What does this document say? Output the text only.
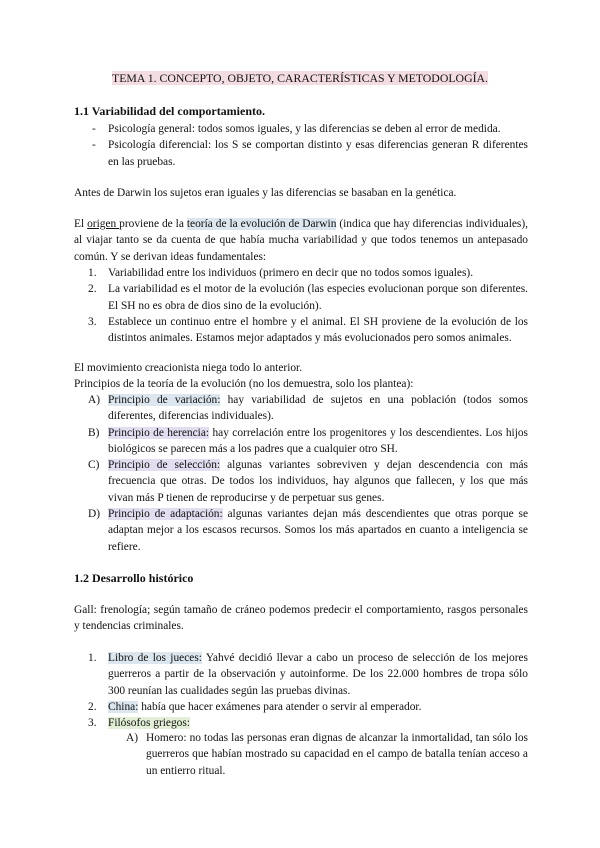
TEMA 1. CONCEPTO, OBJETO, CARACTERÍSTICAS Y METODOLOGÍA.
1.1 Variabilidad del comportamiento.
-	Psicología general: todos somos iguales, y las diferencias se deben al error de medida.
-	Psicología diferencial: los S se comportan distinto y esas diferencias generan R diferentes en las pruebas.

Antes de Darwin los sujetos eran iguales y las diferencias se basaban en la genética.

El origen proviene de la teoría de la evolución de Darwin (indica que hay diferencias individuales), al viajar tanto se da cuenta de que había mucha variabilidad y que todos tenemos un antepasado común. Y se derivan ideas fundamentales:

1.	Variabilidad entre los individuos (primero en decir que no todos somos iguales).
2.	La variabilidad es el motor de la evolución (las especies evolucionan porque son diferentes. El SH no es obra de dios sino de la evolución).
3.	Establece un continuo entre el hombre y el animal. El SH proviene de la evolución de los distintos animales. Estamos mejor adaptados y más evolucionados pero somos animales.

El movimiento creacionista niega todo lo anterior.

Principios de la teoría de la evolución (no los demuestra, solo los plantea):

A) Principio de variación: hay variabilidad de sujetos en una población (todos somos diferentes, diferencias individuales).
B) Principio de herencia: hay correlación entre los progenitores y los descendientes. Los hijos biológicos se parecen más a los padres que a cualquier otro SH.
C) Principio de selección: algunas variantes sobreviven y dejan descendencia con más frecuencia que otras. De todos los individuos, hay algunos que fallecen, y los que más vivan más P tienen de reproducirse y de perpetuar sus genes.
D) Principio de adaptación: algunas variantes dejan más descendientes que otras porque se adaptan mejor a los escasos recursos. Somos los más apartados en cuanto a inteligencia se refiere.
1.2 Desarrollo histórico

Gall: frenología; según tamaño de cráneo podemos predecir el comportamiento, rasgos personales y tendencias criminales.

1.	Libro de los jueces: Yahvé decidió llevar a cabo un proceso de selección de los mejores guerreros a partir de la observación y autoinforme. De los 22.000 hombres de tropa sólo 300 reunían las cualidades según las pruebas divinas.
2.	China: había que hacer exámenes para atender o servir al emperador.
3.	Filósofos griegos:
A) Homero: no todas las personas eran dignas de alcanzar la inmortalidad, tan sólo los guerreros que habían mostrado su capacidad en el campo de batalla tenían acceso a un entierro ritual.
